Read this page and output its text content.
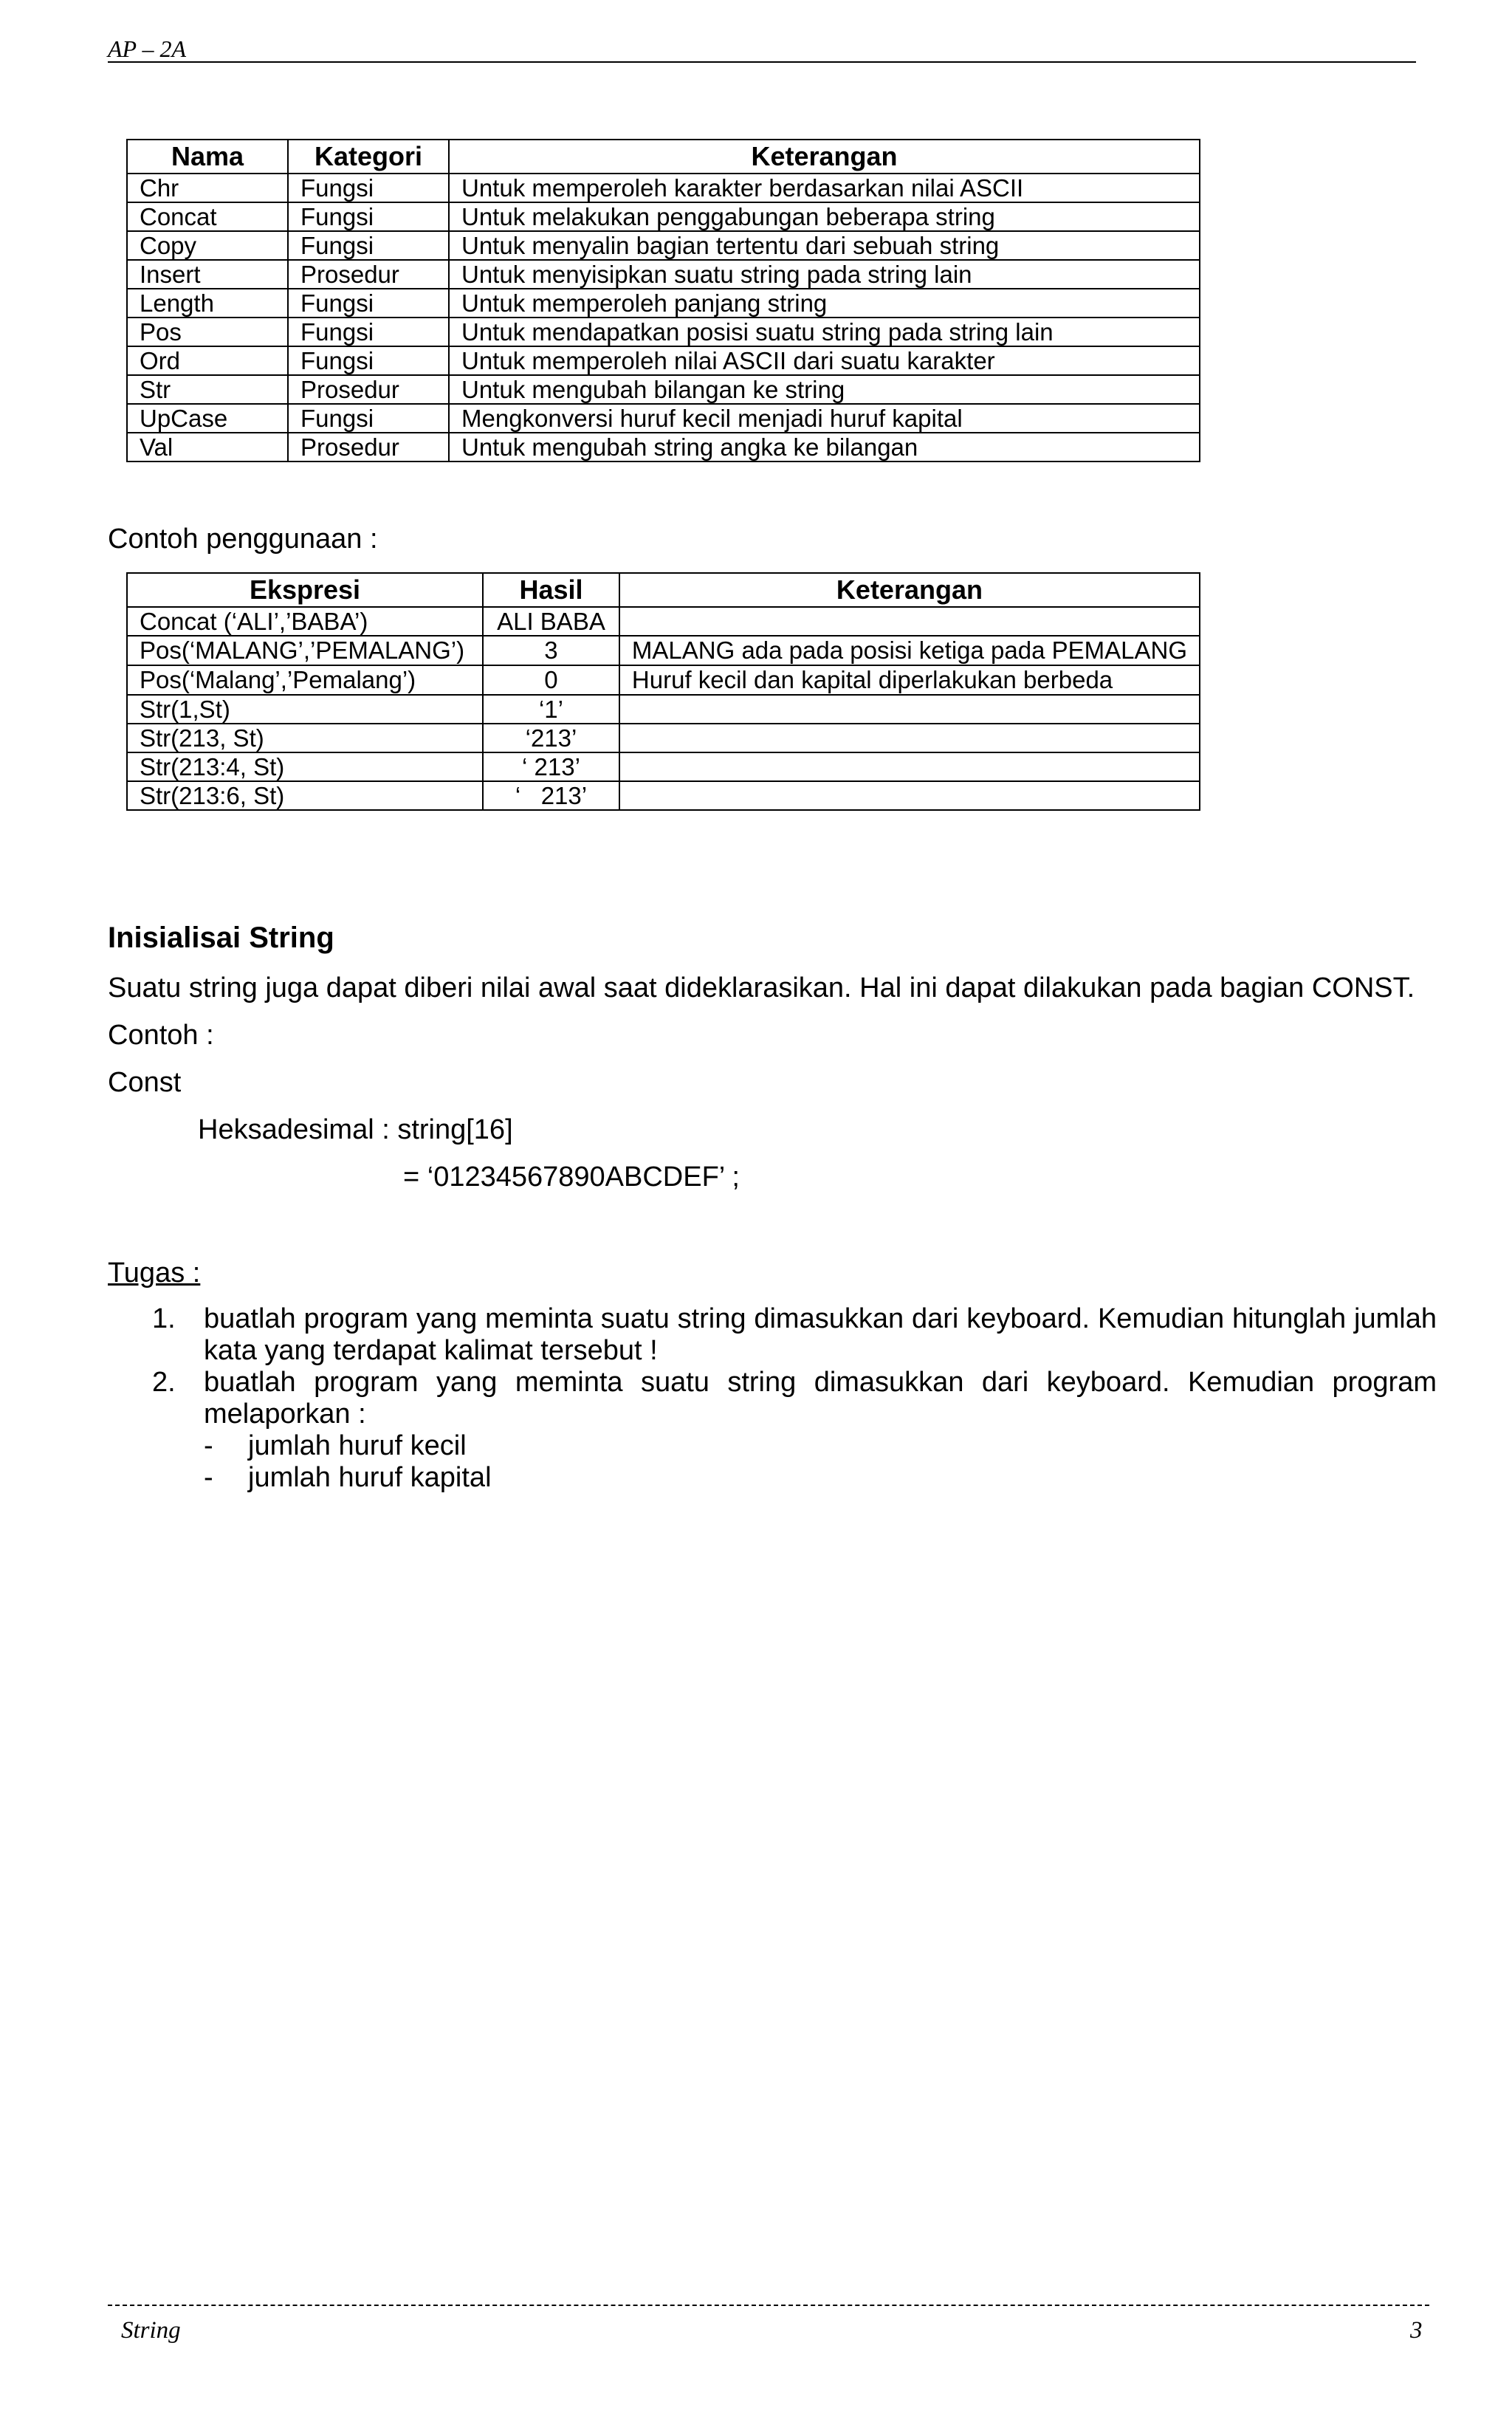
AP – 2A
Nama	Kategori	Keterangan
Chr	Fungsi	Untuk memperoleh karakter berdasarkan nilai ASCII
Concat	Fungsi	Untuk melakukan penggabungan beberapa string
Copy	Fungsi	Untuk menyalin bagian tertentu dari sebuah string
Insert	Prosedur	Untuk menyisipkan suatu string pada string lain
Length	Fungsi	Untuk memperoleh panjang string
Pos	Fungsi	Untuk mendapatkan posisi suatu string pada string lain
Ord	Fungsi	Untuk memperoleh nilai ASCII dari suatu karakter
Str	Prosedur	Untuk mengubah bilangan ke string
UpCase	Fungsi	Mengkonversi huruf kecil menjadi huruf kapital
Val	Prosedur	Untuk mengubah string angka ke bilangan

Contoh penggunaan :

Ekspresi	Hasil	Keterangan
Concat (‘ALI’,’BABA’)	ALI BABA	
Pos(‘MALANG’,’PEMALANG’)	3	MALANG ada pada posisi ketiga pada PEMALANG
Pos(‘Malang’,’Pemalang’)	0	Huruf kecil dan kapital diperlakukan berbeda
Str(1,St)	‘1’	
Str(213, St)	‘213’	
Str(213:4, St)	‘ 213’	
Str(213:6, St)	‘   213’	

Inisialisai String

Suatu string juga dapat diberi nilai awal saat dideklarasikan. Hal ini dapat dilakukan pada bagian CONST.

Contoh :

Const

Heksadesimal : string[16]

= ‘01234567890ABCDEF’ ;

Tugas :

1. buatlah program yang meminta suatu string dimasukkan dari keyboard. Kemudian hitunglah jumlah kata yang terdapat kalimat tersebut !
2. buatlah program yang meminta suatu string dimasukkan dari keyboard. Kemudian program melaporkan :
- jumlah huruf kecil
- jumlah huruf kapital
String	3
